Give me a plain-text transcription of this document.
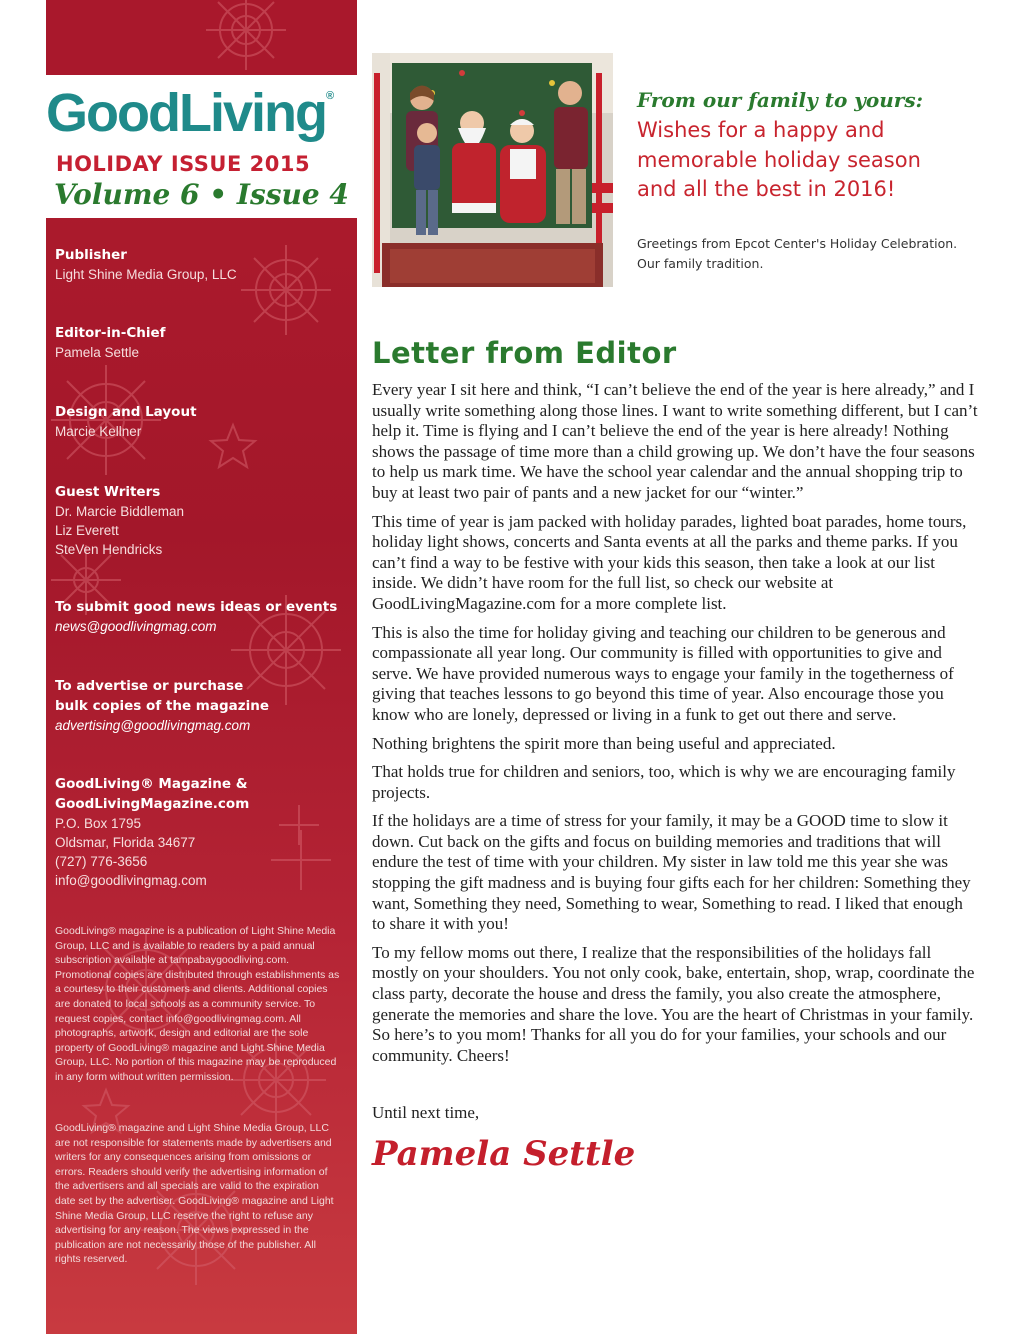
GoodLiving®
HOLIDAY ISSUE 2015
Volume 6 • Issue 4
Publisher
Light Shine Media Group, LLC
Editor-in-Chief
Pamela Settle
Design and Layout
Marcie Kellner
Guest Writers
Dr. Marcie Biddleman
Liz Everett
SteVen Hendricks
To submit good news ideas or events
news@goodlivingmag.com
To advertise or purchase
bulk copies of the magazine
advertising@goodlivingmag.com
GoodLiving® Magazine &
GoodLivingMagazine.com
P.O. Box 1795
Oldsmar, Florida 34677
(727) 776-3656
info@goodlivingmag.com
GoodLiving® magazine is a publication of Light Shine Media Group, LLC and is available to readers by a paid annual subscription available at tampabaygoodliving.com. Promotional copies are distributed through establishments as a courtesy to their customers and clients. Additional copies are donated to local schools as a community service. To request copies, contact info@goodlivingmag.com. All photographs, artwork, design and editorial are the sole property of GoodLiving® magazine and Light Shine Media Group, LLC. No portion of this magazine may be reproduced in any form without written permission.
GoodLiving® magazine and Light Shine Media Group, LLC are not responsible for statements made by advertisers and writers for any consequences arising from omissions or errors. Readers should verify the advertising information of the advertisers and all specials are valid to the expiration date set by the advertiser. GoodLiving® magazine and Light Shine Media Group, LLC reserve the right to refuse any advertising for any reason. The views expressed in the publication are not necessarily those of the publisher. All rights reserved.
From our family to yours:
Wishes for a happy and
memorable holiday season
and all the best in 2016!
Greetings from Epcot Center's Holiday Celebration.
Our family tradition.
Letter from Editor

Every year I sit here and think, “I can’t believe the end of the year is here already,” and I usually write something along those lines. I want to write something different, but I can’t help it. Time is flying and I can’t believe the end of the year is here already! Nothing shows the passage of time more than a child growing up. We don’t have the four seasons to help us mark time. We have the school year calendar and the annual shopping trip to buy at least two pair of pants and a new jacket for our “winter.”

This time of year is jam packed with holiday parades, lighted boat parades, home tours, holiday light shows, concerts and Santa events at all the parks and theme parks. If you can’t find a way to be festive with your kids this season, then take a look at our list inside. We didn’t have room for the full list, so check our website at GoodLivingMagazine.com for a more complete list.

This is also the time for holiday giving and teaching our children to be generous and compassionate all year long. Our community is filled with opportunities to give and serve. We have provided numerous ways to engage your family in the togetherness of giving that teaches lessons to go beyond this time of year. Also encourage those you know who are lonely, depressed or living in a funk to get out there and serve.

Nothing brightens the spirit more than being useful and appreciated.

That holds true for children and seniors, too, which is why we are encouraging family projects.

If the holidays are a time of stress for your family, it may be a GOOD time to slow it down. Cut back on the gifts and focus on building memories and traditions that will endure the test of time with your children. My sister in law told me this year she was stopping the gift madness and is buying four gifts each for her children: Something they want, Something they need, Something to wear, Something to read. I liked that enough to share it with you!

To my fellow moms out there, I realize that the responsibilities of the holidays fall mostly on your shoulders. You not only cook, bake, entertain, shop, wrap, coordinate the class party, decorate the house and dress the family, you also create the atmosphere, generate the memories and share the love. You are the heart of Christmas in your family. So here’s to you mom! Thanks for all you do for your families, your schools and our community. Cheers!

Until next time,
Pamela Settle
